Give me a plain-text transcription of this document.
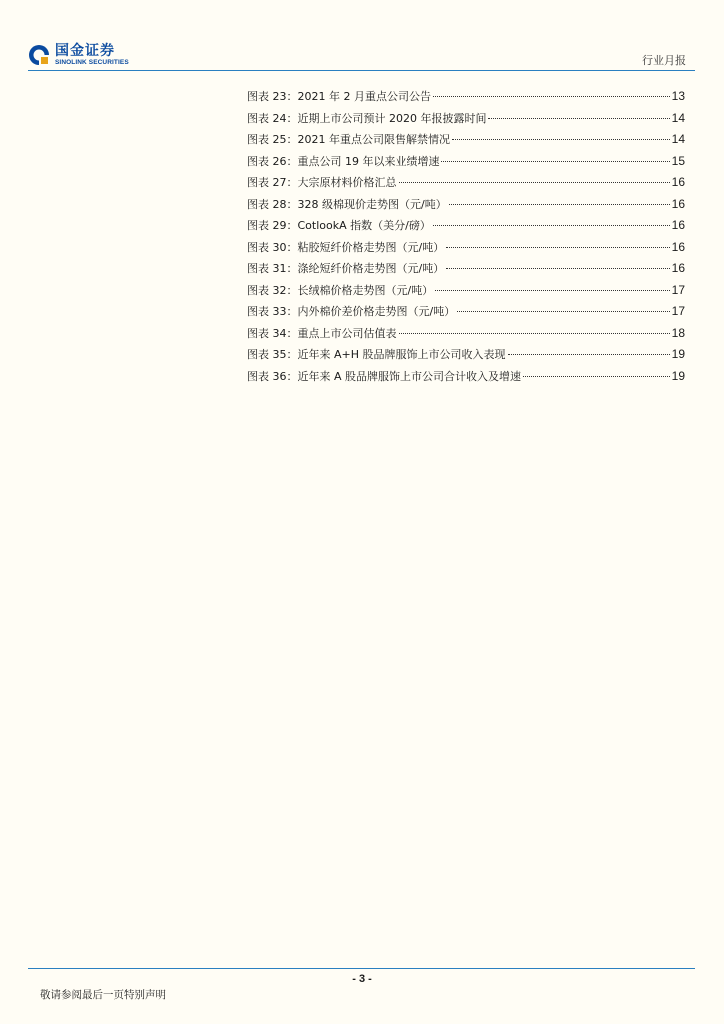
国金证券
SINOLINK SECURITIES	行业月报
图表 23：2021 年 2 月重点公司公告	13
图表 24：近期上市公司预计 2020 年报披露时间	14
图表 25：2021 年重点公司限售解禁情况	14
图表 26：重点公司 19 年以来业绩增速	15
图表 27：大宗原材料价格汇总	16
图表 28：328 级棉现价走势图（元/吨）	16
图表 29：CotlookA 指数（美分/磅）	16
图表 30：粘胶短纤价格走势图（元/吨）	16
图表 31：涤纶短纤价格走势图（元/吨）	16
图表 32：长绒棉价格走势图（元/吨）	17
图表 33：内外棉价差价格走势图（元/吨）	17
图表 34：重点上市公司估值表	18
图表 35：近年来 A+H 股品牌服饰上市公司收入表现	19
图表 36：近年来 A 股品牌服饰上市公司合计收入及增速	19
- 3 -
敬请参阅最后一页特别声明
